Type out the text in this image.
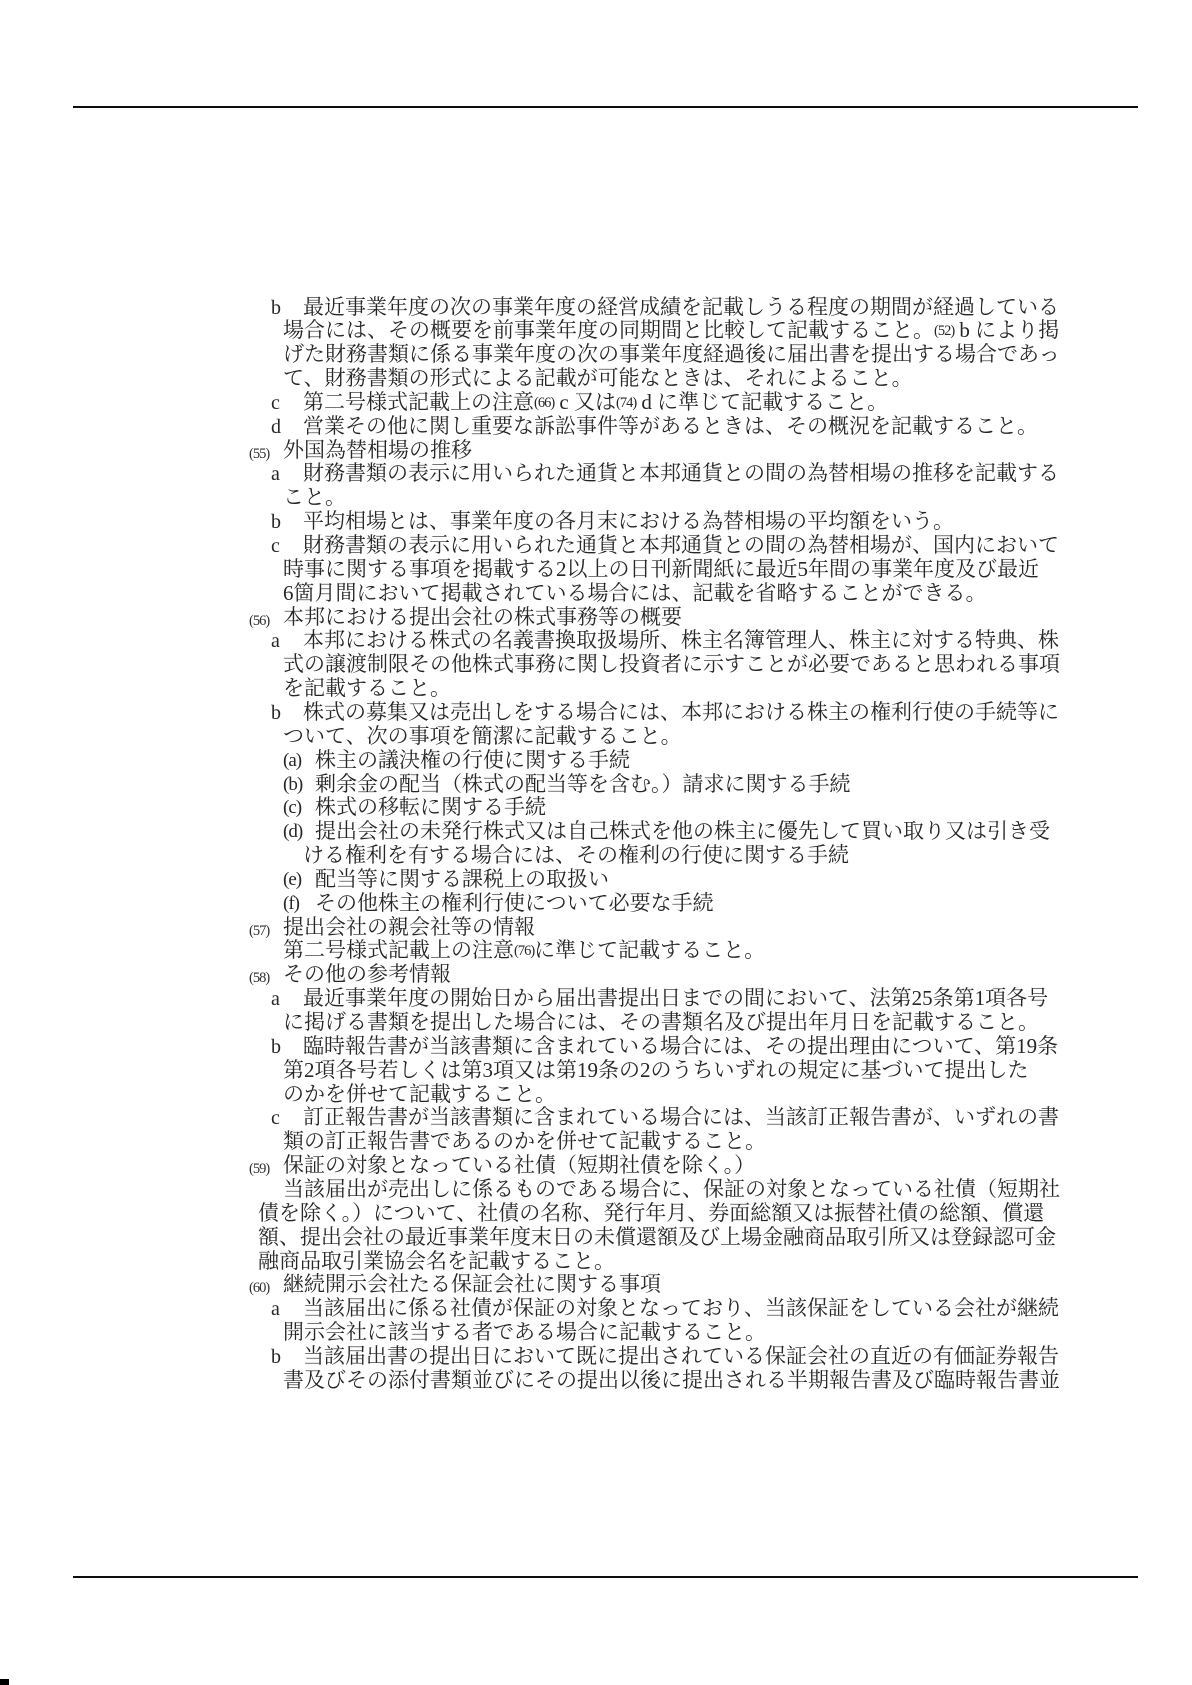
b 最近事業年度の次の事業年度の経営成績を記載しうる程度の期間が経過している
場合には、その概要を前事業年度の同期間と比較して記載すること。(52) b により掲
げた財務書類に係る事業年度の次の事業年度経過後に届出書を提出する場合であっ
て、財務書類の形式による記載が可能なときは、それによること。
c 第二号様式記載上の注意(66) c 又は(74) d に準じて記載すること。
d 営業その他に関し重要な訴訟事件等があるときは、その概況を記載すること。
(55) 外国為替相場の推移
a 財務書類の表示に用いられた通貨と本邦通貨との間の為替相場の推移を記載する
こと。
b 平均相場とは、事業年度の各月末における為替相場の平均額をいう。
c 財務書類の表示に用いられた通貨と本邦通貨との間の為替相場が、国内において
時事に関する事項を掲載する2以上の日刊新聞紙に最近5年間の事業年度及び最近
6箇月間において掲載されている場合には、記載を省略することができる。
(56) 本邦における提出会社の株式事務等の概要
a 本邦における株式の名義書換取扱場所、株主名簿管理人、株主に対する特典、株
式の譲渡制限その他株式事務に関し投資者に示すことが必要であると思われる事項
を記載すること。
b 株式の募集又は売出しをする場合には、本邦における株主の権利行使の手続等に
ついて、次の事項を簡潔に記載すること。
(a) 株主の議決権の行使に関する手続
(b) 剰余金の配当（株式の配当等を含む。）請求に関する手続
(c) 株式の移転に関する手続
(d) 提出会社の未発行株式又は自己株式を他の株主に優先して買い取り又は引き受
ける権利を有する場合には、その権利の行使に関する手続
(e) 配当等に関する課税上の取扱い
(f) その他株主の権利行使について必要な手続
(57) 提出会社の親会社等の情報
第二号様式記載上の注意(76)に準じて記載すること。
(58) その他の参考情報
a 最近事業年度の開始日から届出書提出日までの間において、法第25条第1項各号
に掲げる書類を提出した場合には、その書類名及び提出年月日を記載すること。
b 臨時報告書が当該書類に含まれている場合には、その提出理由について、第19条
第2項各号若しくは第3項又は第19条の2のうちいずれの規定に基づいて提出した
のかを併せて記載すること。
c 訂正報告書が当該書類に含まれている場合には、当該訂正報告書が、いずれの書
類の訂正報告書であるのかを併せて記載すること。
(59) 保証の対象となっている社債（短期社債を除く。）
当該届出が売出しに係るものである場合に、保証の対象となっている社債（短期社
債を除く。）について、社債の名称、発行年月、券面総額又は振替社債の総額、償還
額、提出会社の最近事業年度末日の未償還額及び上場金融商品取引所又は登録認可金
融商品取引業協会名を記載すること。
(60) 継続開示会社たる保証会社に関する事項
a 当該届出に係る社債が保証の対象となっており、当該保証をしている会社が継続
開示会社に該当する者である場合に記載すること。
b 当該届出書の提出日において既に提出されている保証会社の直近の有価証券報告
書及びその添付書類並びにその提出以後に提出される半期報告書及び臨時報告書並
